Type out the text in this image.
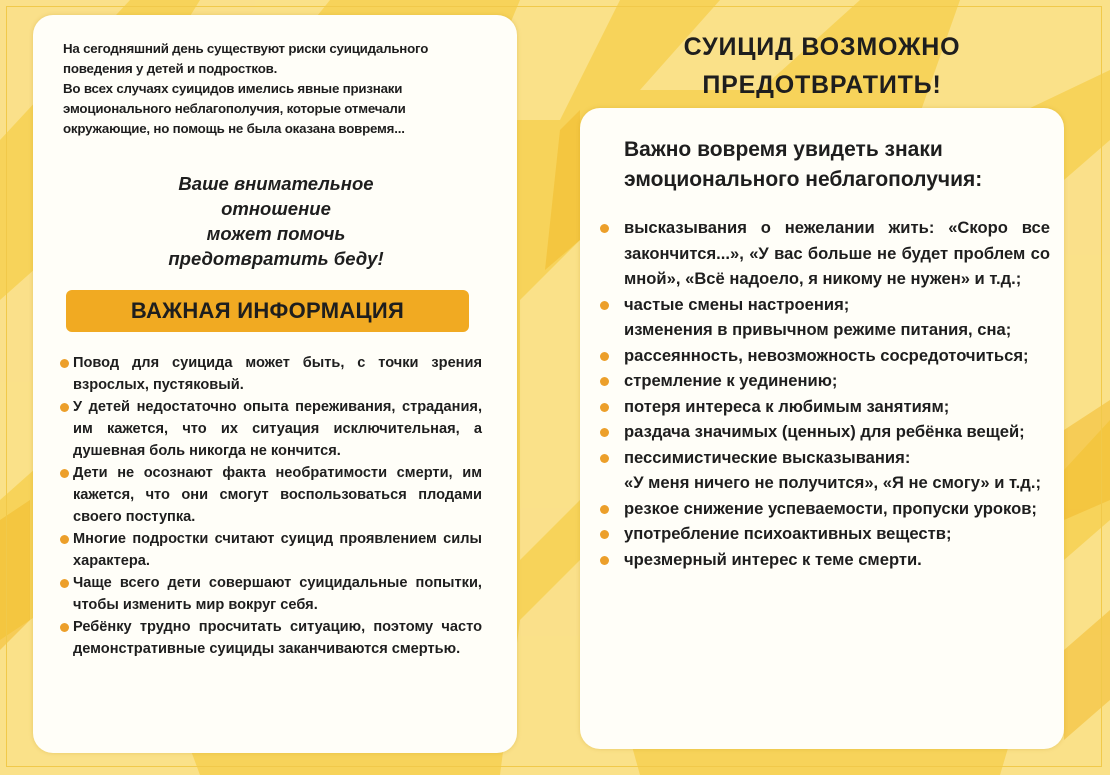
На сегодняшний день существуют риски суицидального поведения у детей и подростков.

Во всех случаях суицидов имелись явные признаки эмоционального неблагополучия, которые отмечали окружающие, но помощь не была оказана вовремя...

Ваше внимательное
отношение
может помочь
предотвратить беду!
ВАЖНАЯ ИНФОРМАЦИЯ
Повод для суицида может быть, с точки зрения взрослых, пустяковый.
У детей недостаточно опыта переживания, страдания, им кажется, что их ситуация исключительная, а душевная боль никогда не кончится.
Дети не осознают факта необратимости смерти, им кажется, что они смогут воспользоваться плодами своего поступка.
Многие подростки считают суицид проявлением силы характера.
Чаще всего дети совершают суицидальные попытки, чтобы изменить мир вокруг себя.
Ребёнку трудно просчитать ситуацию, поэтому часто демонстративные суициды заканчиваются смертью.
СУИЦИД ВОЗМОЖНО
ПРЕДОТВРАТИТЬ!
Важно вовремя увидеть знаки
эмоционального неблагополучия:
высказывания о нежелании жить: «Скоро все закончится...», «У вас больше не будет проблем со мной», «Всё надоело, я никому не нужен» и т.д.;
частые смены настроения;
изменения в привычном режиме питания, сна;
рассеянность, невозможность сосредоточиться;
стремление к уединению;
потеря интереса к любимым занятиям;
раздача значимых (ценных) для ребёнка вещей;
пессимистические высказывания:
«У меня ничего не получится», «Я не смогу» и т.д.;
резкое снижение успеваемости, пропуски уроков;
употребление психоактивных веществ;
чрезмерный интерес к теме смерти.
